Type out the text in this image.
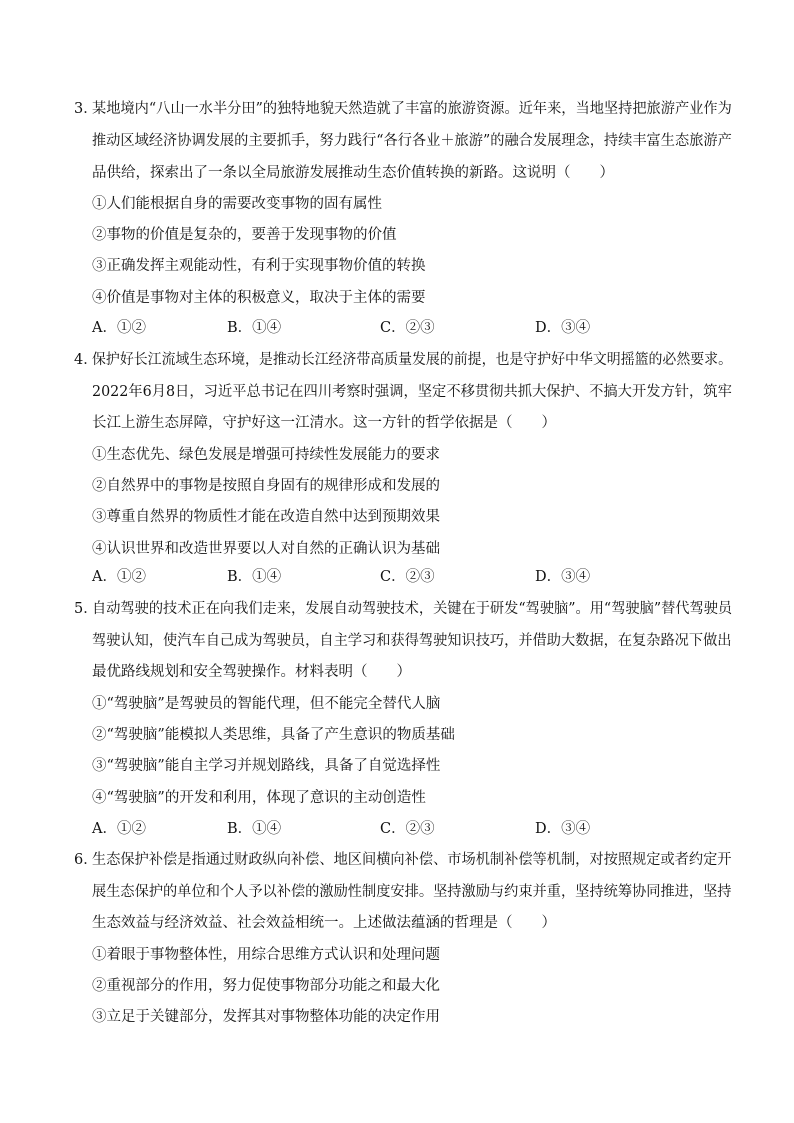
3．
某地境内“八山一水半分田”的独特地貌天然造就了丰富的旅游资源。近年来，当地坚持把旅游产业作为
推动区域经济协调发展的主要抓手，努力践行“各行各业＋旅游”的融合发展理念，持续丰富生态旅游产
品供给，探索出了一条以全局旅游发展推动生态价值转换的新路。这说明（　　）
①人们能根据自身的需要改变事物的固有属性
②事物的价值是复杂的，要善于发现事物的价值
③正确发挥主观能动性，有利于实现事物价值的转换
④价值是事物对主体的积极意义，取决于主体的需要
A．①②	B．①④	C．②③	D．③④
4．
保护好长江流域生态环境，是推动长江经济带高质量发展的前提，也是守护好中华文明摇篮的必然要求。
2022年6月8日，习近平总书记在四川考察时强调，坚定不移贯彻共抓大保护、不搞大开发方针，筑牢
长江上游生态屏障，守护好这一江清水。这一方针的哲学依据是（　　）
①生态优先、绿色发展是增强可持续性发展能力的要求
②自然界中的事物是按照自身固有的规律形成和发展的
③尊重自然界的物质性才能在改造自然中达到预期效果
④认识世界和改造世界要以人对自然的正确认识为基础
A．①②	B．①④	C．②③	D．③④
5．
自动驾驶的技术正在向我们走来，发展自动驾驶技术，关键在于研发“驾驶脑”。用“驾驶脑”替代驾驶员
驾驶认知，使汽车自己成为驾驶员，自主学习和获得驾驶知识技巧，并借助大数据，在复杂路况下做出
最优路线规划和安全驾驶操作。材料表明（　　）
①“驾驶脑”是驾驶员的智能代理，但不能完全替代人脑
②“驾驶脑”能模拟人类思维，具备了产生意识的物质基础
③“驾驶脑”能自主学习并规划路线，具备了自觉选择性
④“驾驶脑”的开发和利用，体现了意识的主动创造性
A．①②	B．①④	C．②③	D．③④
6．
生态保护补偿是指通过财政纵向补偿、地区间横向补偿、市场机制补偿等机制，对按照规定或者约定开
展生态保护的单位和个人予以补偿的激励性制度安排。坚持激励与约束并重，坚持统筹协同推进，坚持
生态效益与经济效益、社会效益相统一。上述做法蕴涵的哲理是（　　）
①着眼于事物整体性，用综合思维方式认识和处理问题
②重视部分的作用，努力促使事物部分功能之和最大化
③立足于关键部分，发挥其对事物整体功能的决定作用
